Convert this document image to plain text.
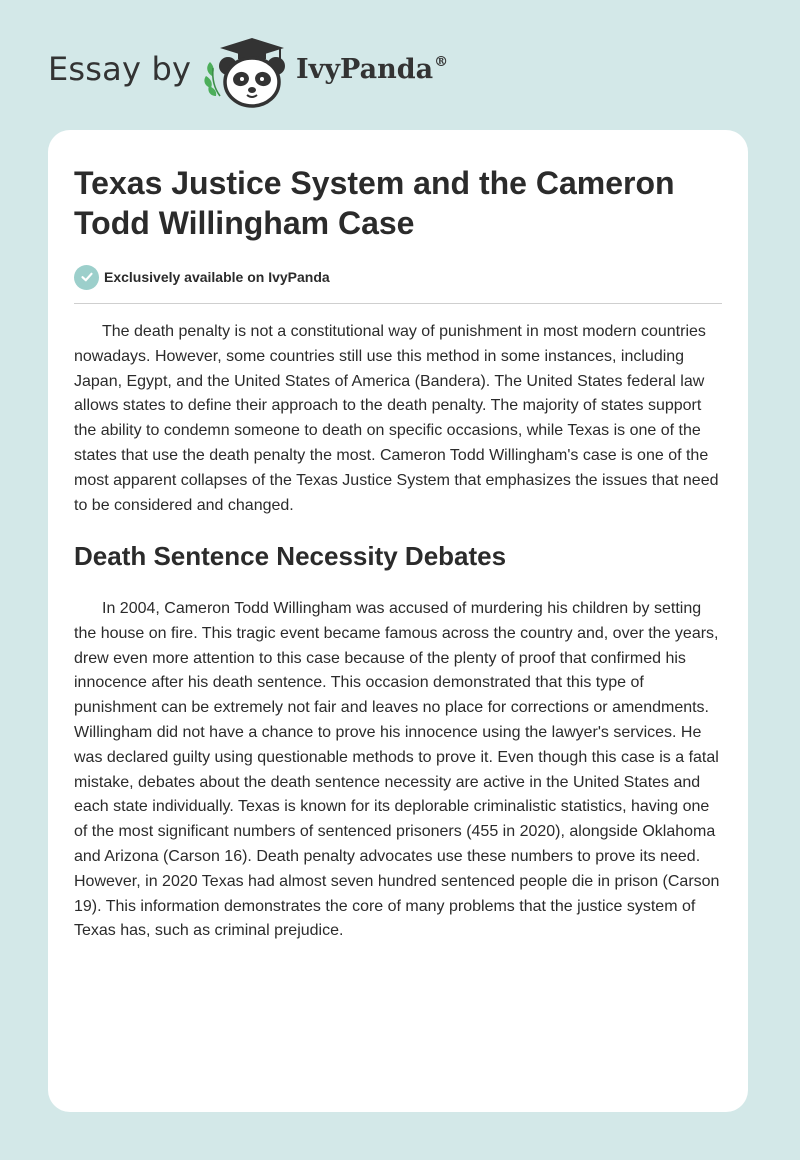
Essay by	IvyPanda®
Texas Justice System and the Cameron Todd Willingham Case
Exclusively available on IvyPanda

The death penalty is not a constitutional way of punishment in most modern countries nowadays. However, some countries still use this method in some instances, including Japan, Egypt, and the United States of America (Bandera). The United States federal law allows states to define their approach to the death penalty. The majority of states support the ability to condemn someone to death on specific occasions, while Texas is one of the states that use the death penalty the most. Cameron Todd Willingham's case is one of the most apparent collapses of the Texas Justice System that emphasizes the issues that need to be considered and changed.

Death Sentence Necessity Debates

In 2004, Cameron Todd Willingham was accused of murdering his children by setting the house on fire. This tragic event became famous across the country and, over the years, drew even more attention to this case because of the plenty of proof that confirmed his innocence after his death sentence. This occasion demonstrated that this type of punishment can be extremely not fair and leaves no place for corrections or amendments. Willingham did not have a chance to prove his innocence using the lawyer's services. He was declared guilty using questionable methods to prove it. Even though this case is a fatal mistake, debates about the death sentence necessity are active in the United States and each state individually. Texas is known for its deplorable criminalistic statistics, having one of the most significant numbers of sentenced prisoners (455 in 2020), alongside Oklahoma and Arizona (Carson 16). Death penalty advocates use these numbers to prove its need. However, in 2020 Texas had almost seven hundred sentenced people die in prison (Carson 19). This information demonstrates the core of many problems that the justice system of Texas has, such as criminal prejudice.
